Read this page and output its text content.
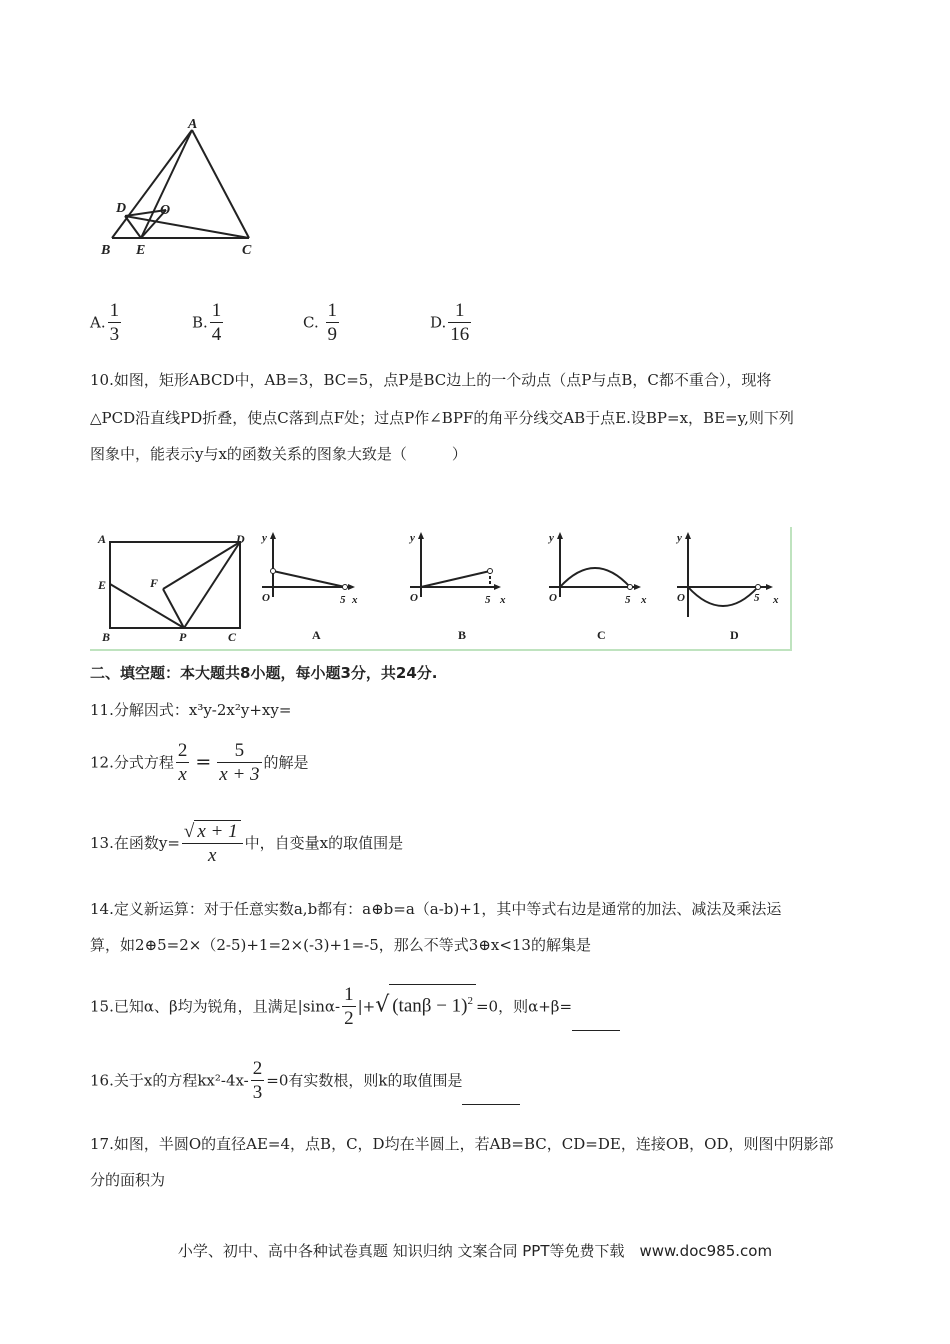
A
D O
B E	C
A. $\frac{1}{3}$	B. $\frac{1}{4}$	C. $\frac{1}{9}$	D. $\frac{1}{16}$
10.如图，矩形ABCD中，AB=3，BC=5，点P是BC边上的一个动点（点P与点B，C都不重合），现将
△PCD沿直线PD折叠，使点C落到点F处；过点P作∠BPF的角平分线交AB于点E.设BP=x，BE=y,则下列
图象中，能表示y与x的函数关系的图象大致是（　　　）
A	D
E	F
B	P	C
y
O	5 x
A
y
O	5 x
B
y
O	5 x
C
y
O	5 x
D
二、填空题：本大题共8小题，每小题3分，共24分.
11.分解因式：x³y-2x²y+xy=
12.分式方程 $\frac{2}{x} = \frac{5}{x + 3}$ 的解是
13.在函数$y= \frac{√ x + 1}{x}$ 中，自变量x的取值围是
14.定义新运算：对于任意实数a,b都有：a⊕b=a（a-b)+1，其中等式右边是通常的加法、减法及乘法运
算，如2⊕5=2×（2-5)+1=2×(-3)+1=-5，那么不等式3⊕x<13的解集是
15.已知α、β均为锐角，且满足$|\sin\alpha- \frac{1}{2}$ |+√ $(\tan\beta - 1)^2 =0$，则α+β=
16.关于x的方程$kx^2-4x- \frac{2}{3} =0$有实数根，则k的取值围是
17.如图，半圆O的直径AE=4，点B，C，D均在半圆上，若AB=BC，CD=DE，连接OB，OD，则图中阴影部
分的面积为
小学、初中、高中各种试卷真题 知识归纳 文案合同 PPT等免费下载　www.doc985.com
